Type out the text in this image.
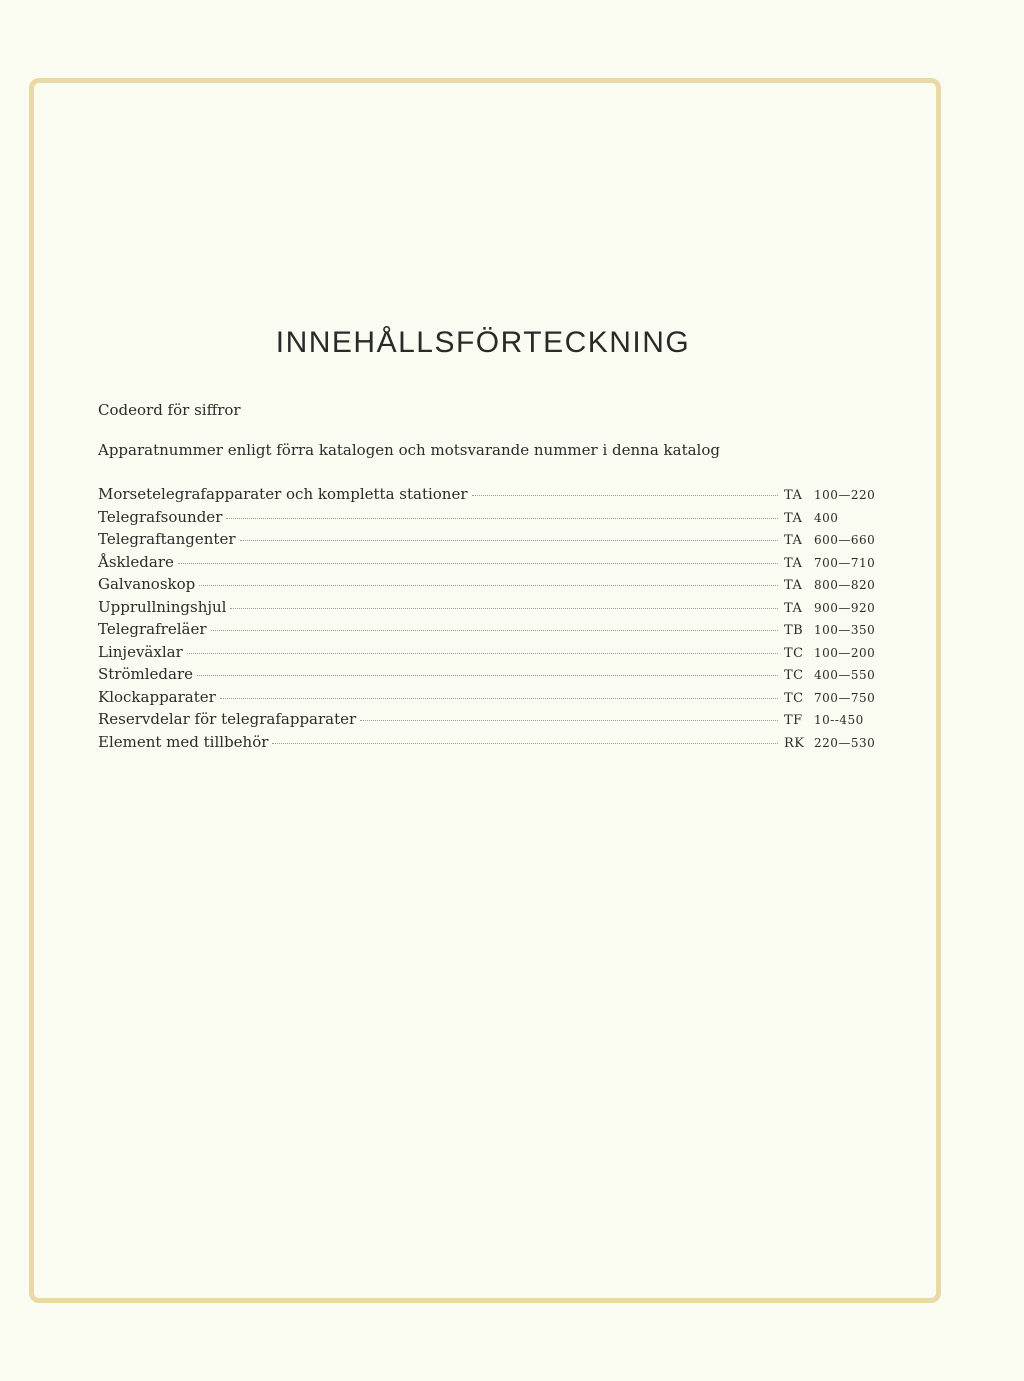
INNEHÅLLSFÖRTECKNING
Codeord för siffror
Apparatnummer enligt förra katalogen och motsvarande nummer i denna katalog
Morsetelegrafapparater och kompletta stationer	TA 100—220
Telegrafsounder	TA 400
Telegraftangenter	TA 600—660
Åskledare	TA 700—710
Galvanoskop	TA 800—820
Upprullningshjul	TA 900—920
Telegrafreläer	TB 100—350
Linjeväxlar	TC 100—200
Strömledare	TC 400—550
Klockapparater	TC 700—750
Reservdelar för telegrafapparater	TF 10--450
Element med tillbehör	RK 220—530
